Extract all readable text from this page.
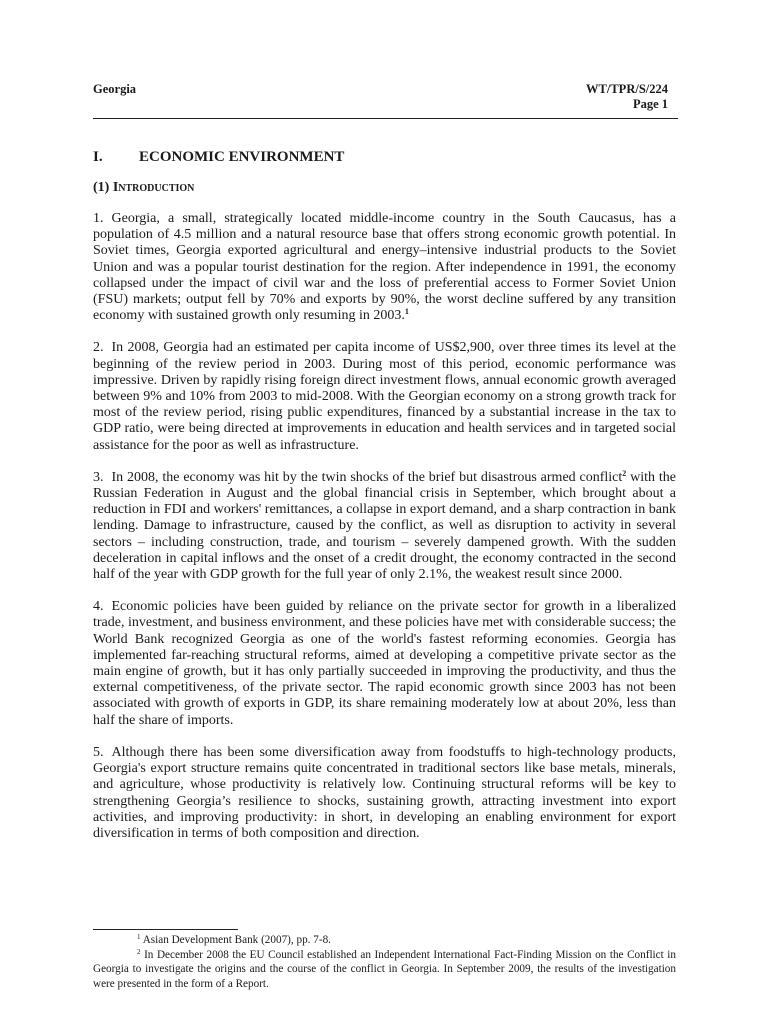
Georgia	WT/TPR/S/224
Page 1
I. ECONOMIC ENVIRONMENT
(1) Introduction

1. Georgia, a small, strategically located middle-income country in the South Caucasus, has a population of 4.5 million and a natural resource base that offers strong economic growth potential. In Soviet times, Georgia exported agricultural and energy–intensive industrial products to the Soviet Union and was a popular tourist destination for the region. After independence in 1991, the economy collapsed under the impact of civil war and the loss of preferential access to Former Soviet Union (FSU) markets; output fell by 70% and exports by 90%, the worst decline suffered by any transition economy with sustained growth only resuming in 2003.$^1$

2. In 2008, Georgia had an estimated per capita income of US$2,900, over three times its level at the beginning of the review period in 2003. During most of this period, economic performance was impressive. Driven by rapidly rising foreign direct investment flows, annual economic growth averaged between 9% and 10% from 2003 to mid-2008. With the Georgian economy on a strong growth track for most of the review period, rising public expenditures, financed by a substantial increase in the tax to GDP ratio, were being directed at improvements in education and health services and in targeted social assistance for the poor as well as infrastructure.

3. In 2008, the economy was hit by the twin shocks of the brief but disastrous armed conflict$^2$ with the Russian Federation in August and the global financial crisis in September, which brought about a reduction in FDI and workers' remittances, a collapse in export demand, and a sharp contraction in bank lending. Damage to infrastructure, caused by the conflict, as well as disruption to activity in several sectors – including construction, trade, and tourism – severely dampened growth. With the sudden deceleration in capital inflows and the onset of a credit drought, the economy contracted in the second half of the year with GDP growth for the full year of only 2.1%, the weakest result since 2000.

4. Economic policies have been guided by reliance on the private sector for growth in a liberalized trade, investment, and business environment, and these policies have met with considerable success; the World Bank recognized Georgia as one of the world's fastest reforming economies. Georgia has implemented far-reaching structural reforms, aimed at developing a competitive private sector as the main engine of growth, but it has only partially succeeded in improving the productivity, and thus the external competitiveness, of the private sector. The rapid economic growth since 2003 has not been associated with growth of exports in GDP, its share remaining moderately low at about 20%, less than half the share of imports.

5. Although there has been some diversification away from foodstuffs to high-technology products, Georgia's export structure remains quite concentrated in traditional sectors like base metals, minerals, and agriculture, whose productivity is relatively low. Continuing structural reforms will be key to strengthening Georgia’s resilience to shocks, sustaining growth, attracting investment into export activities, and improving productivity: in short, in developing an enabling environment for export diversification in terms of both composition and direction.

$^1$ Asian Development Bank (2007), pp. 7-8.

$^2$ In December 2008 the EU Council established an Independent International Fact-Finding Mission on the Conflict in Georgia to investigate the origins and the course of the conflict in Georgia. In September 2009, the results of the investigation were presented in the form of a Report.
